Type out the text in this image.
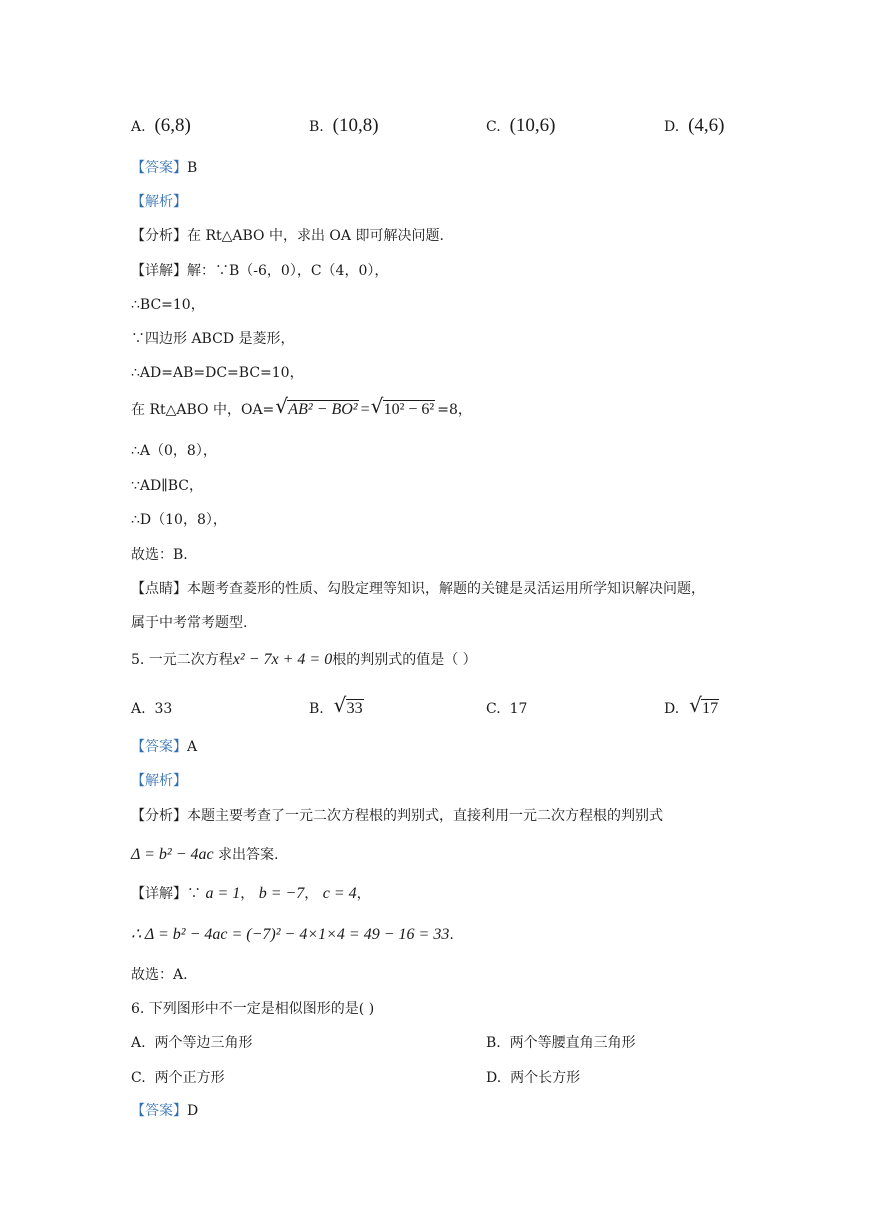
A. (6,8)	B. (10,8)	C. (10,6)	D. (4,6)
【答案】B
【解析】
【分析】在 Rt△ABO 中，求出 OA 即可解决问题.
【详解】解：∵B（-6，0），C（4，0），
∴BC=10，
∵四边形 ABCD 是菱形，
∴AD=AB=DC=BC=10，
在 Rt△ABO 中，OA= √ AB² − BO² = √ 10² − 6² =8，
∴A（0，8），
∵AD∥BC，
∴D（10，8），
故选：B.
【点睛】本题考查菱形的性质、勾股定理等知识，解题的关键是灵活运用所学知识解决问题，
属于中考常考题型.
5. 一元二次方程x² − 7x + 4 = 0根的判别式的值是（ ）
A. 33	B. √ 33	C. 17	D. √ 17
【答案】A
【解析】
【分析】本题主要考查了一元二次方程根的判别式，直接利用一元二次方程根的判别式
Δ = b² − 4ac 求出答案.
【详解】∵ a = 1， b = −7， c = 4，
∴ Δ = b² − 4ac = (−7)² − 4×1×4 = 49 − 16 = 33.
故选：A.
6. 下列图形中不一定是相似图形的是( )
A. 两个等边三角形	B. 两个等腰直角三角形
C. 两个正方形	D. 两个长方形
【答案】D
